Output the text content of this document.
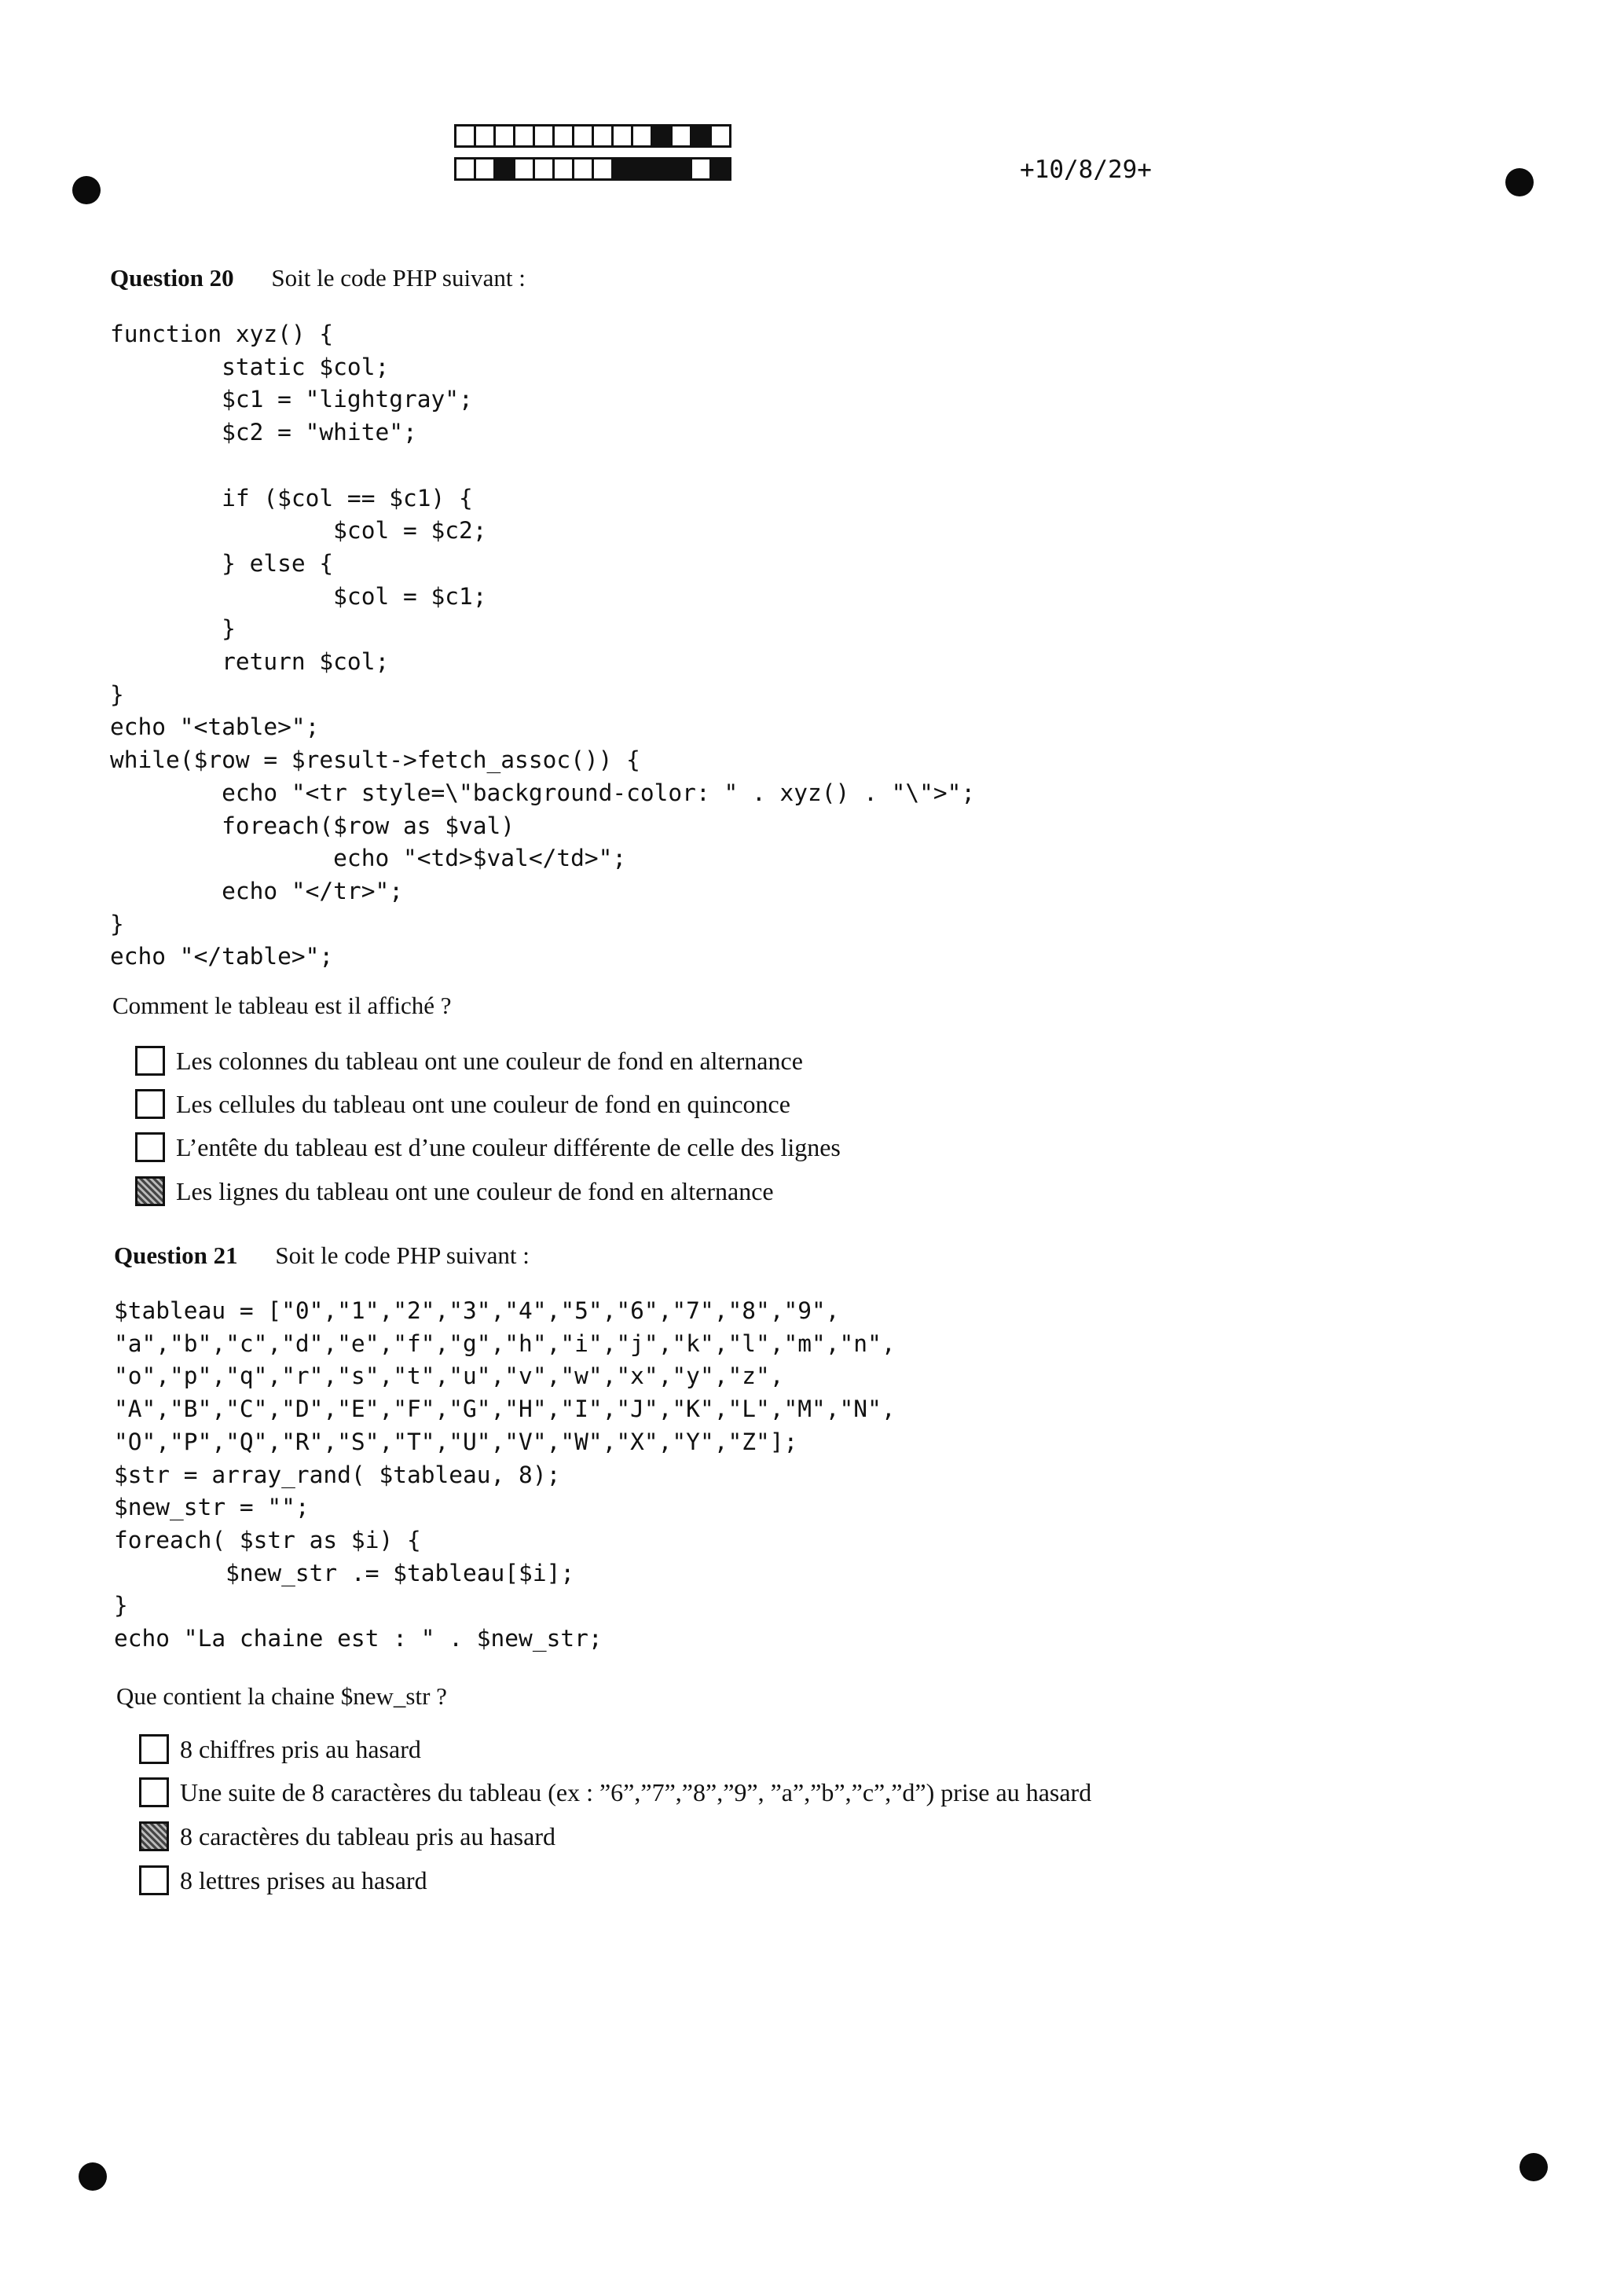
+10/8/29+
Question 20 Soit le code PHP suivant :
function xyz() {
static $col;
$c1 = "lightgray";
$c2 = "white";

if ($col == $c1) {
$col = $c2;
} else {
$col = $c1;
}
return $col;
}
echo "<table>";
while($row = $result->fetch_assoc()) {
echo "<tr style=\"background-color: " . xyz() . "\">";
foreach($row as $val)
echo "<td>$val</td>";
echo "</tr>";
}
echo "</table>";
Comment le tableau est il affiché ?
Les colonnes du tableau ont une couleur de fond en alternance
Les cellules du tableau ont une couleur de fond en quinconce
L’entête du tableau est d’une couleur différente de celle des lignes
Les lignes du tableau ont une couleur de fond en alternance
Question 21 Soit le code PHP suivant :
$tableau = ["0","1","2","3","4","5","6","7","8","9",
"a","b","c","d","e","f","g","h","i","j","k","l","m","n",
"o","p","q","r","s","t","u","v","w","x","y","z",
"A","B","C","D","E","F","G","H","I","J","K","L","M","N",
"O","P","Q","R","S","T","U","V","W","X","Y","Z"];
$str = array_rand( $tableau, 8);
$new_str = "";
foreach( $str as $i) {
$new_str .= $tableau[$i];
}
echo "La chaine est : " . $new_str;
Que contient la chaine $new_str ?
8 chiffres pris au hasard
Une suite de 8 caractères du tableau (ex : ”6”,”7”,”8”,”9”, ”a”,”b”,”c”,”d”) prise au hasard
8 caractères du tableau pris au hasard
8 lettres prises au hasard
